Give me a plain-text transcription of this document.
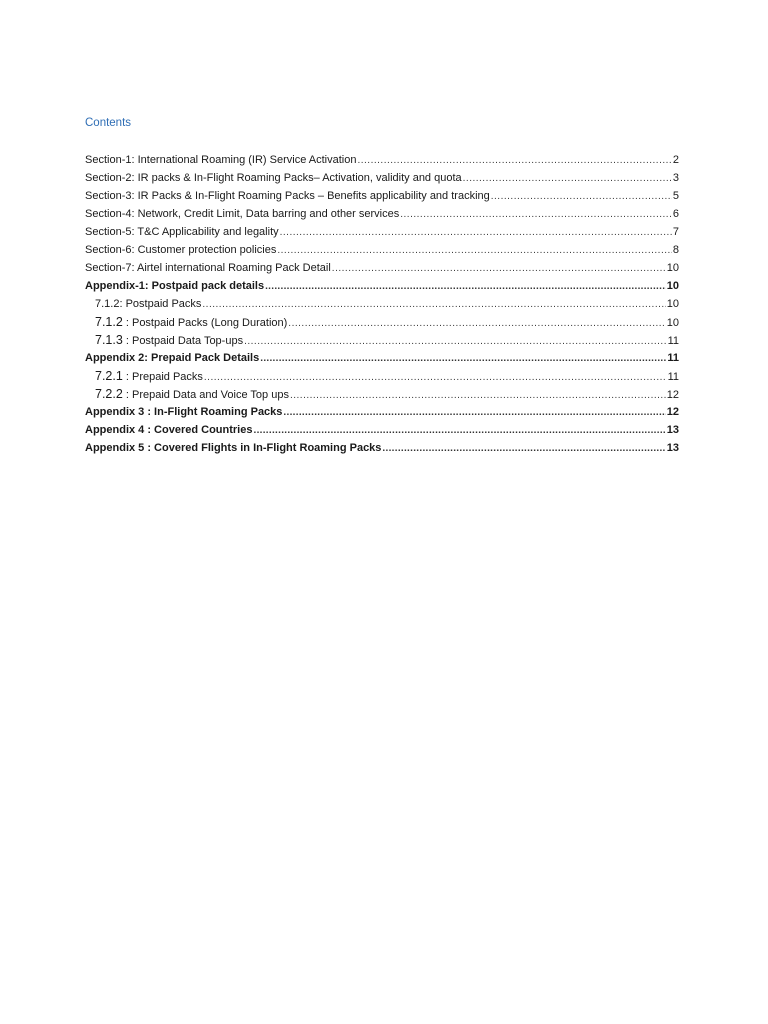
Contents
Section-1: International Roaming (IR) Service Activation .....	2
Section-2: IR packs & In-Flight Roaming Packs– Activation, validity and quota .....	3
Section-3: IR Packs & In-Flight Roaming Packs – Benefits applicability and tracking .....	5
Section-4: Network, Credit Limit, Data barring and other services .....	6
Section-5: T&C Applicability and legality .....	7
Section-6: Customer protection policies .....	8
Section-7: Airtel international Roaming Pack Detail .....	10
Appendix-1: Postpaid pack details .....	10
7.1.2: Postpaid Packs .....	10
7.1.2 : Postpaid Packs (Long Duration) .....	10
7.1.3 : Postpaid Data Top-ups .....	11
Appendix 2: Prepaid Pack Details .....	11
7.2.1 : Prepaid Packs .....	11
7.2.2 : Prepaid Data and Voice Top ups .....	12
Appendix 3 : In-Flight Roaming Packs .....	12
Appendix 4 : Covered Countries .....	13
Appendix 5 : Covered Flights in In-Flight Roaming Packs .....	13
